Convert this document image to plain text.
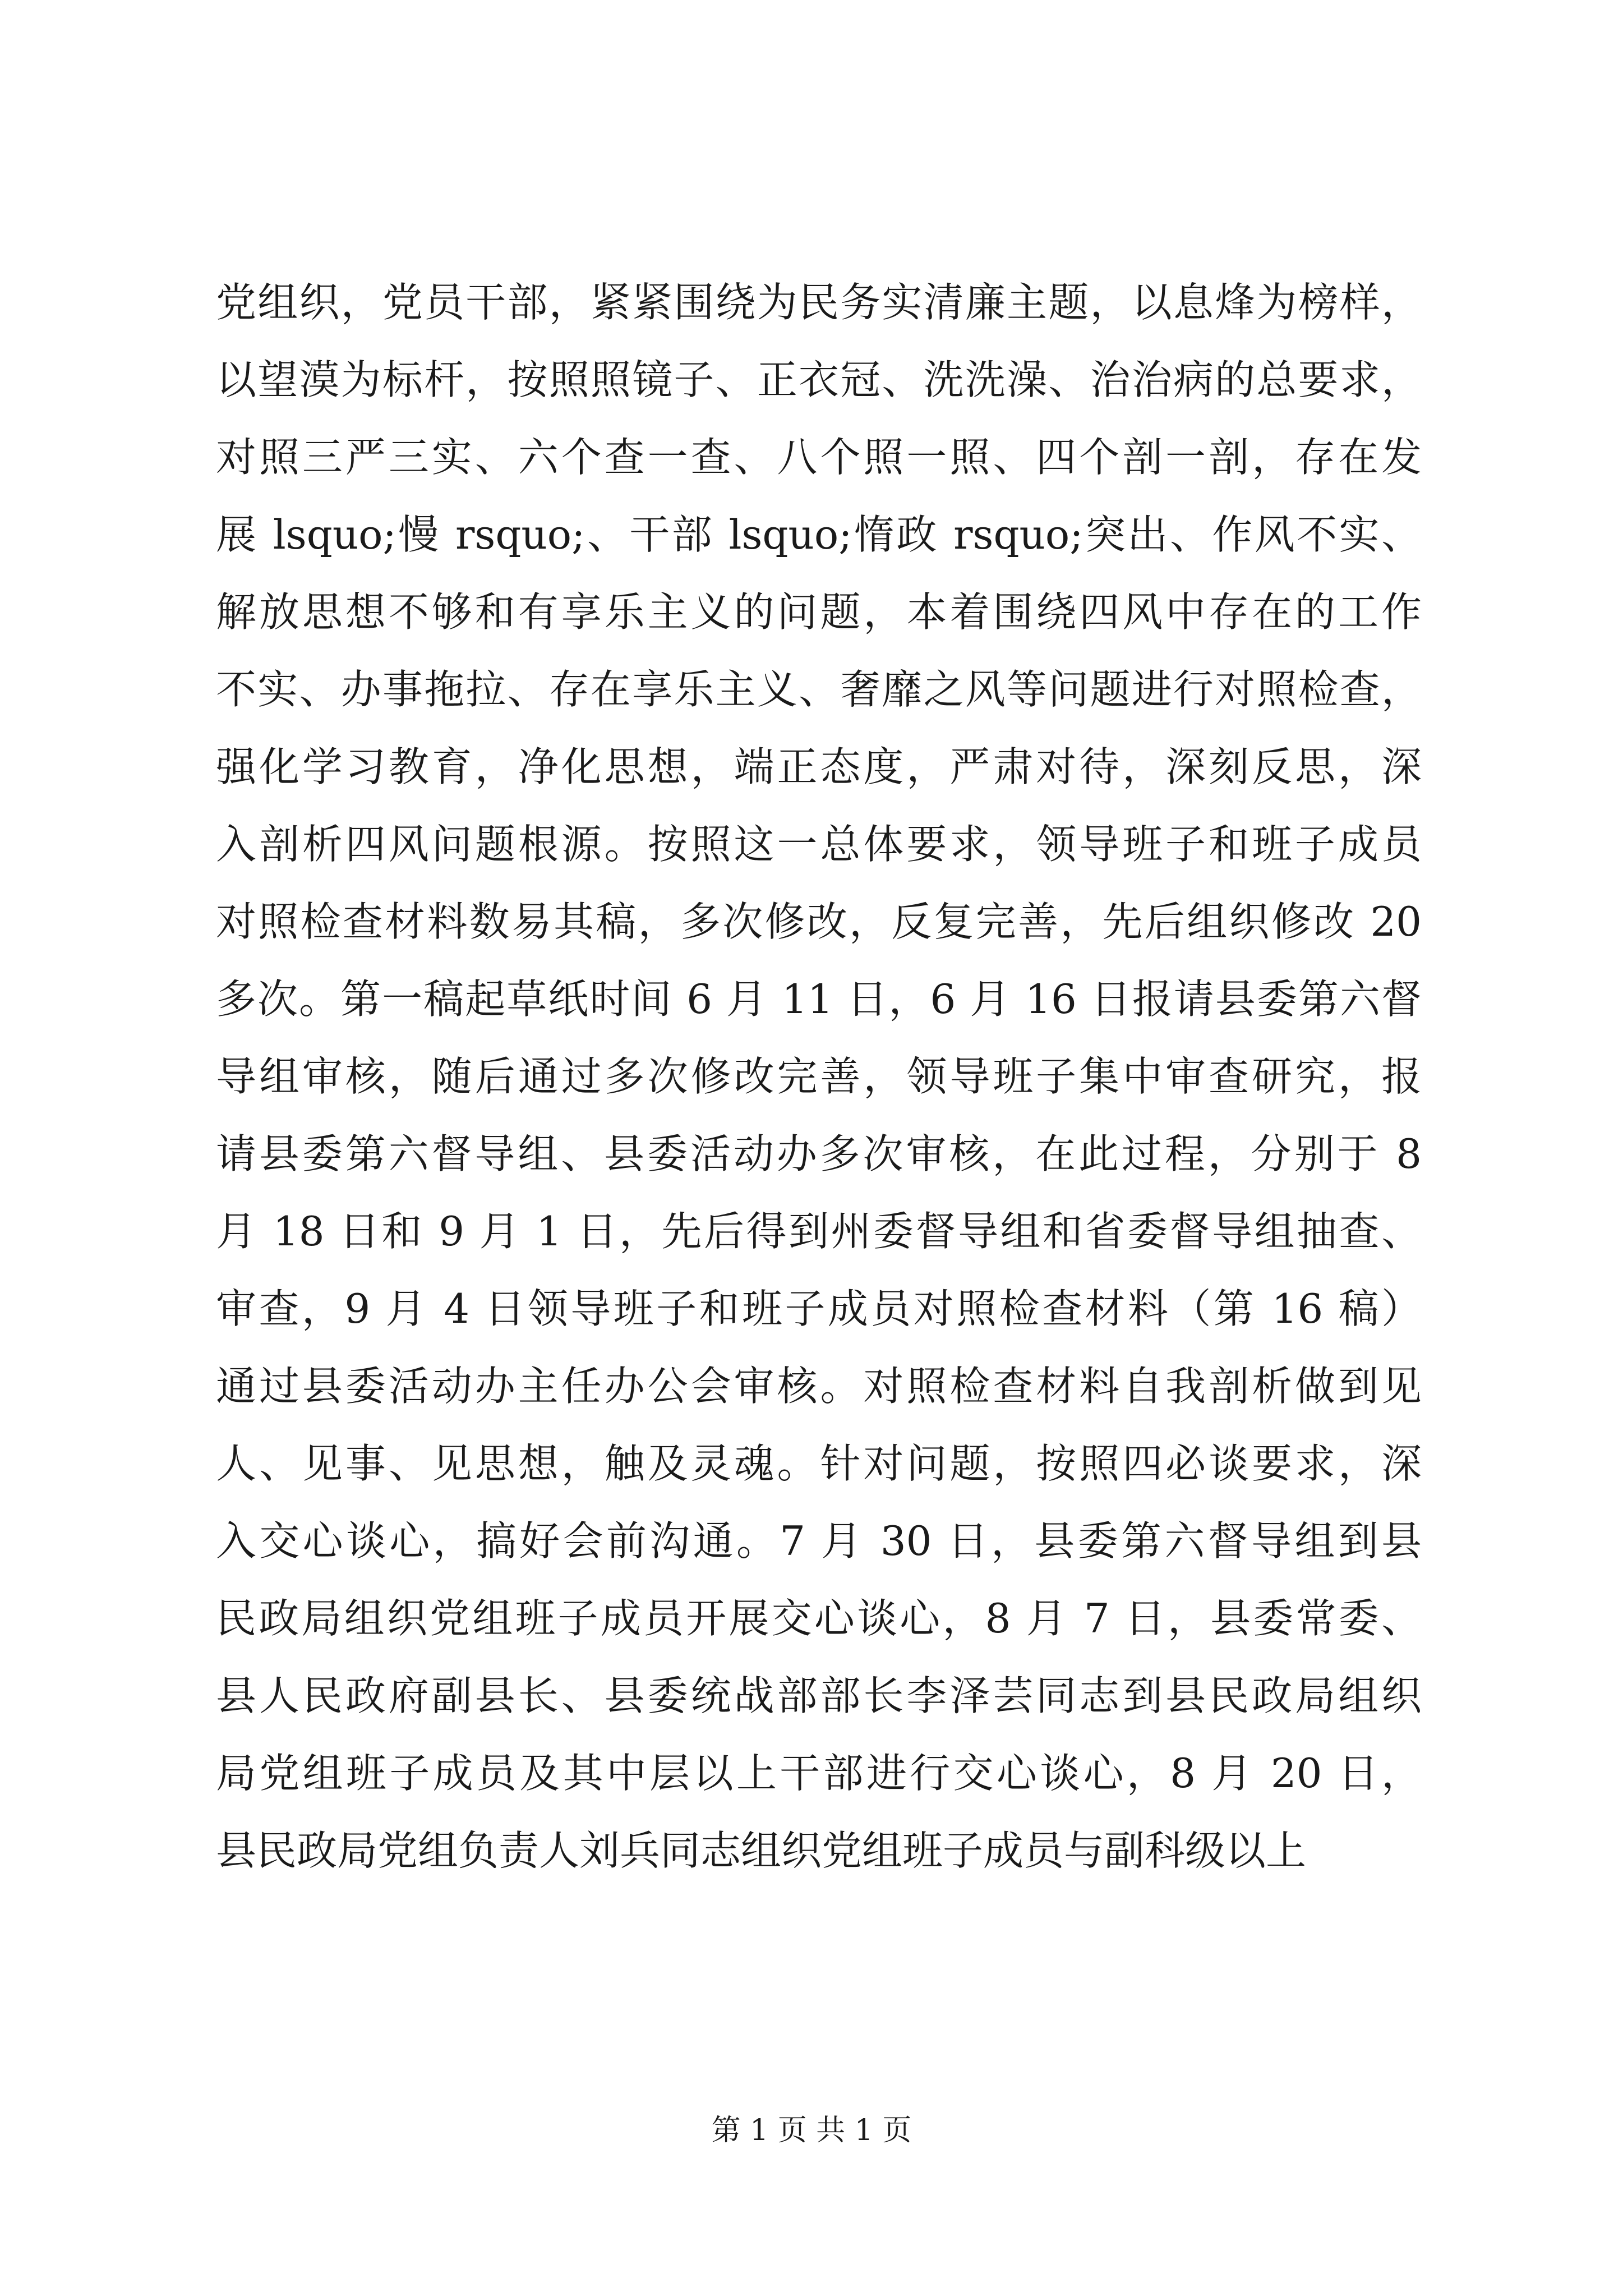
党组织，党员干部，紧紧围绕为民务实清廉主题，以息烽为榜样，
以望漠为标杆，按照照镜子、正衣冠、洗洗澡、治治病的总要求，
对照三严三实、六个查一查、八个照一照、四个剖一剖，存在发
展 lsquo;慢 rsquo;、干部 lsquo;惰政 rsquo;突出、作风不实、
解放思想不够和有享乐主义的问题，本着围绕四风中存在的工作
不实、办事拖拉、存在享乐主义、奢靡之风等问题进行对照检查，
强化学习教育，净化思想，端正态度，严肃对待，深刻反思，深
入剖析四风问题根源。按照这一总体要求，领导班子和班子成员
对照检查材料数易其稿，多次修改，反复完善，先后组织修改 20
多次。第一稿起草纸时间 6 月 11 日，6 月 16 日报请县委第六督
导组审核，随后通过多次修改完善，领导班子集中审查研究，报
请县委第六督导组、县委活动办多次审核，在此过程，分别于 8
月 18 日和 9 月 1 日，先后得到州委督导组和省委督导组抽查、
审查，9 月 4 日领导班子和班子成员对照检查材料（第 16 稿）
通过县委活动办主任办公会审核。对照检查材料自我剖析做到见
人、见事、见思想，触及灵魂。针对问题，按照四必谈要求，深
入交心谈心，搞好会前沟通。7 月 30 日，县委第六督导组到县
民政局组织党组班子成员开展交心谈心，8 月 7 日，县委常委、
县人民政府副县长、县委统战部部长李泽芸同志到县民政局组织
局党组班子成员及其中层以上干部进行交心谈心，8 月 20 日，
县民政局党组负责人刘兵同志组织党组班子成员与副科级以上
第 1 页 共 1 页
